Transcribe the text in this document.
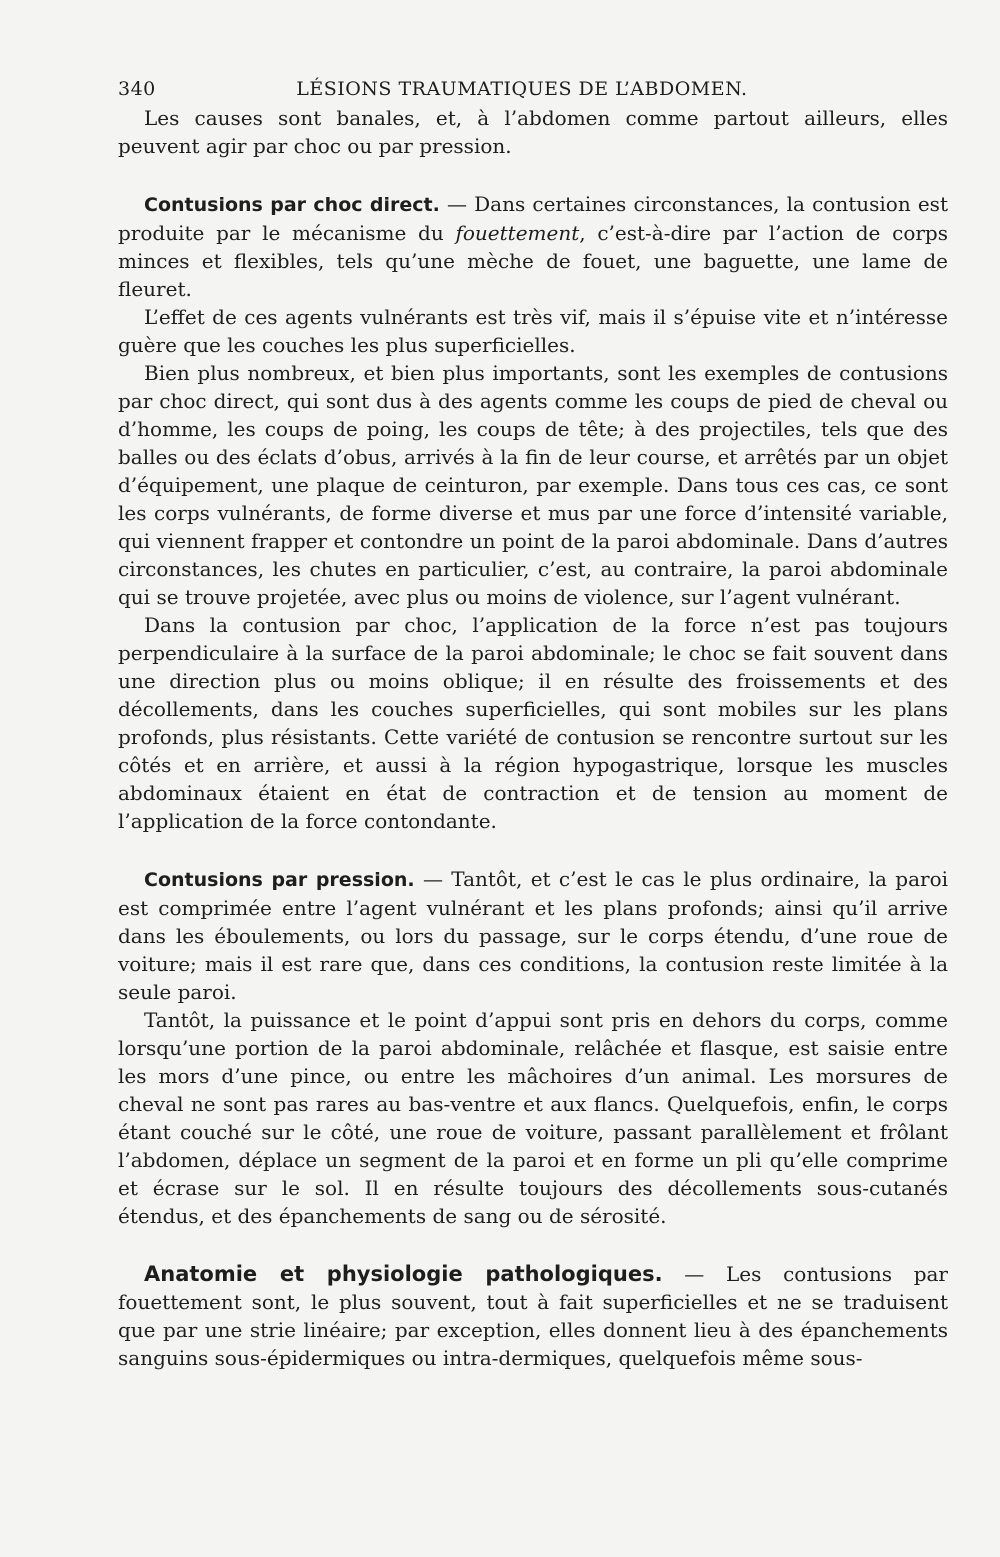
340	LÉSIONS TRAUMATIQUES DE L’ABDOMEN.

Les causes sont banales, et, à l’abdomen comme partout ailleurs, elles peuvent agir par choc ou par pression.

Contusions par choc direct. — Dans certaines circonstances, la contusion est produite par le mécanisme du fouettement, c’est-à-dire par l’action de corps minces et flexibles, tels qu’une mèche de fouet, une baguette, une lame de fleuret.

L’effet de ces agents vulnérants est très vif, mais il s’épuise vite et n’intéresse guère que les couches les plus superficielles.

Bien plus nombreux, et bien plus importants, sont les exemples de contusions par choc direct, qui sont dus à des agents comme les coups de pied de cheval ou d’homme, les coups de poing, les coups de tête; à des projectiles, tels que des balles ou des éclats d’obus, arrivés à la fin de leur course, et arrêtés par un objet d’équipement, une plaque de ceinturon, par exemple. Dans tous ces cas, ce sont les corps vulnérants, de forme diverse et mus par une force d’intensité variable, qui viennent frapper et contondre un point de la paroi abdominale. Dans d’autres circonstances, les chutes en particulier, c’est, au contraire, la paroi abdominale qui se trouve projetée, avec plus ou moins de violence, sur l’agent vulnérant.

Dans la contusion par choc, l’application de la force n’est pas toujours perpendiculaire à la surface de la paroi abdominale; le choc se fait souvent dans une direction plus ou moins oblique; il en résulte des froissements et des décollements, dans les couches superficielles, qui sont mobiles sur les plans profonds, plus résistants. Cette variété de contusion se rencontre surtout sur les côtés et en arrière, et aussi à la région hypogastrique, lorsque les muscles abdominaux étaient en état de contraction et de tension au moment de l’application de la force contondante.

Contusions par pression. — Tantôt, et c’est le cas le plus ordinaire, la paroi est comprimée entre l’agent vulnérant et les plans profonds; ainsi qu’il arrive dans les éboulements, ou lors du passage, sur le corps étendu, d’une roue de voiture; mais il est rare que, dans ces conditions, la contusion reste limitée à la seule paroi.

Tantôt, la puissance et le point d’appui sont pris en dehors du corps, comme lorsqu’une portion de la paroi abdominale, relâchée et flasque, est saisie entre les mors d’une pince, ou entre les mâchoires d’un animal. Les morsures de cheval ne sont pas rares au bas-ventre et aux flancs. Quelquefois, enfin, le corps étant couché sur le côté, une roue de voiture, passant parallèlement et frôlant l’abdomen, déplace un segment de la paroi et en forme un pli qu’elle comprime et écrase sur le sol. Il en résulte toujours des décollements sous-cutanés étendus, et des épanchements de sang ou de sérosité.

Anatomie et physiologie pathologiques. — Les contusions par fouettement sont, le plus souvent, tout à fait superficielles et ne se traduisent que par une strie linéaire; par exception, elles donnent lieu à des épanchements sanguins sous-épidermiques ou intra-dermiques, quelquefois même sous-
